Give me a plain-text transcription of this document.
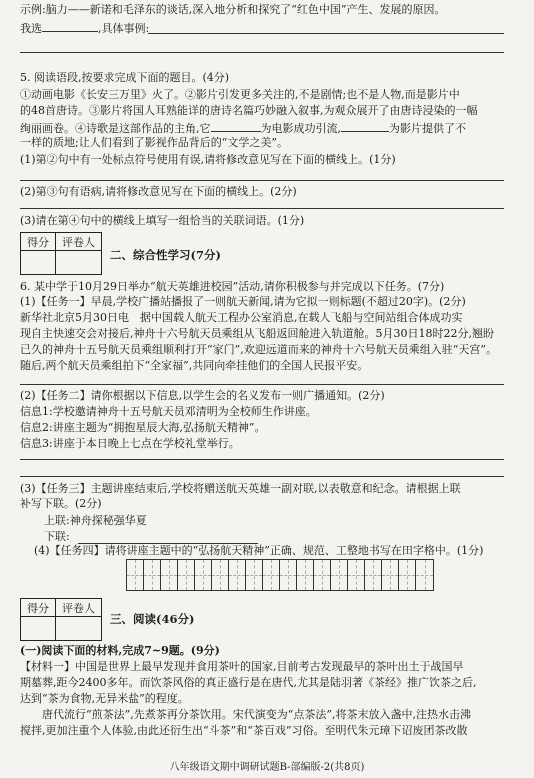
示例:脑力——新诺和毛泽东的谈话,深入地分析和探究了“红色中国”产生、发展的原因。
我选	,具体事例:
5. 阅读语段,按要求完成下面的题目。(4分)
①动画电影《长安三万里》火了。②影片引发更多关注的,不是剧情;也不是人物,而是影片中
的48首唐诗。③影片将国人耳熟能详的唐诗名篇巧妙融入叙事,为观众展开了由唐诗浸染的一幅
绚丽画卷。④诗歌是这部作品的主角,它	为电影成功引流,	为影片提供了不
一样的质地;让人们看到了影视作品背后的“文学之美”。
(1)第②句中有一处标点符号使用有误,请将修改意见写在下面的横线上。(1分)
(2)第③句有语病,请将修改意见写在下面的横线上。(2分)
(3)请在第④句中的横线上填写一组恰当的关联词语。(1分)
得分	评卷人

二、综合性学习(7分)
6. 某中学于10月29日举办“航天英雄进校园”活动,请你积极参与并完成以下任务。(7分)
(1)【任务一】早晨,学校广播站播报了一则航天新闻,请为它拟一则标题(不超过20字)。(2分)
新华社北京5月30日电　据中国载人航天工程办公室消息,在载人飞船与空间站组合体成功实
现自主快速交会对接后,神舟十六号航天员乘组从飞船返回舱进入轨道舱。5月30日18时22分,翘盼
已久的神舟十五号航天员乘组顺利打开“家门”,欢迎远道而来的神舟十六号航天员乘组入驻“天宫”。
随后,两个航天员乘组拍下“全家福”,共同向牵挂他们的全国人民报平安。
(2)【任务二】请你根据以下信息,以学生会的名义发布一则广播通知。(2分)
信息1:学校邀请神舟十五号航天员邓清明为全校师生作讲座。
信息2:讲座主题为“拥抱星辰大海,弘扬航天精神”。
信息3:讲座于本日晚上七点在学校礼堂举行。
(3)【任务三】主题讲座结束后,学校将赠送航天英雄一副对联,以表敬意和纪念。请根据上联
补写下联。(2分)
上联:神舟探秘强华夏
下联:
(4)【任务四】请将讲座主题中的“弘扬航天精神”正确、规范、工整地书写在田字格中。(1分)
得分	评卷人

三、阅读(46分)
(一)阅读下面的材料,完成7~9题。(9分)
【材料一】中国是世界上最早发现并食用茶叶的国家,目前考古发现最早的茶叶出土于战国早
期墓葬,距今2400多年。而饮茶风俗的真正盛行是在唐代,尤其是陆羽著《茶经》推广饮茶之后,
达到“茶为食物,无异米盐”的程度。
　　唐代流行“煎茶法”,先煮茶再分茶饮用。宋代演变为“点茶法”,将茶末放入盏中,注热水击沸
搅拌,更加注重个人体验,由此还衍生出“斗茶”和“茶百戏”习俗。至明代朱元璋下诏废团茶改散
八年级语文期中调研试题B-部编版-2(共8页)
